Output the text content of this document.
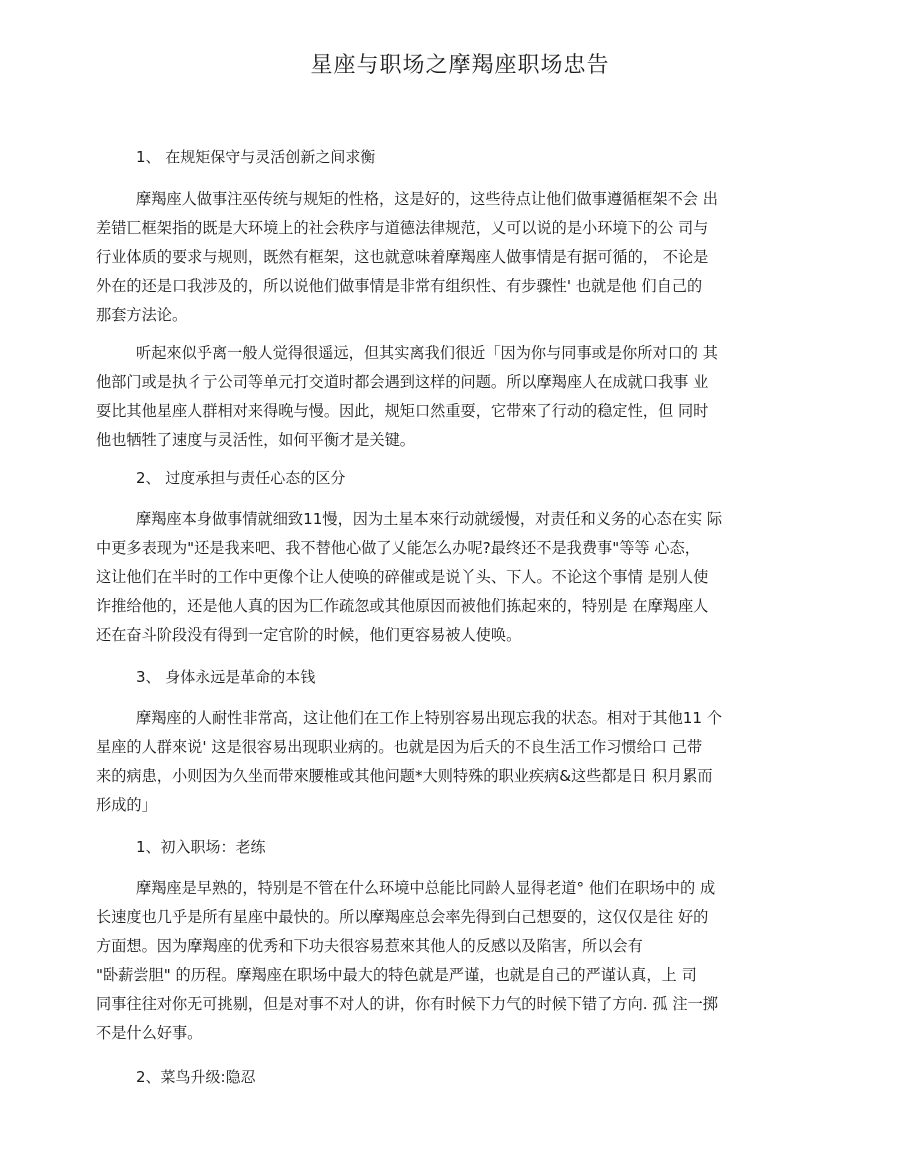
星座与职场之摩羯座职场忠告
1、 在规矩保守与灵活创新之间求衡
摩羯座人做事注巫传统与规矩的性格，这是好的，这些待点让他们做事遵循框架不会 出
差错匸框架指的既是大环境上的社会秩序与道德法律规范，乂可以说的是小环境下的公 司与
行业体质的要求与规则，既然有框架，这也就意味着摩羯座人做事情是有据可循的， 不论是
外在的还是口我涉及的，所以说他们做事情是非常有组织性、有步骤性' 也就是他 们自己的
那套方法论。
听起來似乎离一般人觉得很遥远，但其实离我们很近「因为你与同事或是你所对口的 其
他部门或是执彳亍公司等单元打交道时都会遇到这样的问题。所以摩羯座人在成就口我事 业
耍比其他星座人群相对来得晚与慢。因此，规矩口然重耍，它带來了行动的稳定性，但 同时
他也牺牲了速度与灵活性，如何平衡才是关键。
2、 过度承担与责任心态的区分
摩羯座本身做事情就细致11慢，因为土星本來行动就缓慢，对责任和义务的心态在实 际
中更多表现为"还是我来吧、我不替他心做了乂能怎么办呢?最终还不是我费事"等等 心态，
这让他们在半时的工作中更像个让人使唤的碎催或是说丫头、下人。不论这个事情 是别人使
诈推给他的，还是他人真的因为匸作疏忽或其他原因而被他们拣起來的，特别是 在摩羯座人
还在奋斗阶段没有得到一定官阶的时候，他们更容易被人使唤。
3、 身体永远是革命的本钱
摩羯座的人耐性非常高，这让他们在工作上特别容易出现忘我的状态。相对于其他11 个
星座的人群來说' 这是很容易出现职业病的。也就是因为后夭的不良生活工作习惯给口 己带
来的病患，小则因为久坐而带來腰椎或其他问题*大则特殊的职业疾病&这些都是日 积月累而
形成的」
1、初入职场：老练
摩羯座是早熟的，特别是不管在什么环境中总能比同龄人显得老道° 他们在职场中的 成
长速度也几乎是所有星座中最快的。所以摩羯座总会率先得到白己想耍的，这仅仅是往 好的
方面想。因为摩羯座的优秀和下功夫很容易惹來其他人的反感以及陷害，所以会有
"卧薪尝胆" 的历程。摩羯座在职场中最大的特色就是严谨，也就是自己的严谨认真，上 司
同事往往对你无可挑剔，但是对事不对人的讲，你有时候下力气的时候下错了方向. 孤 注一掷
不是什么好事。
2、菜鸟升级:隐忍
